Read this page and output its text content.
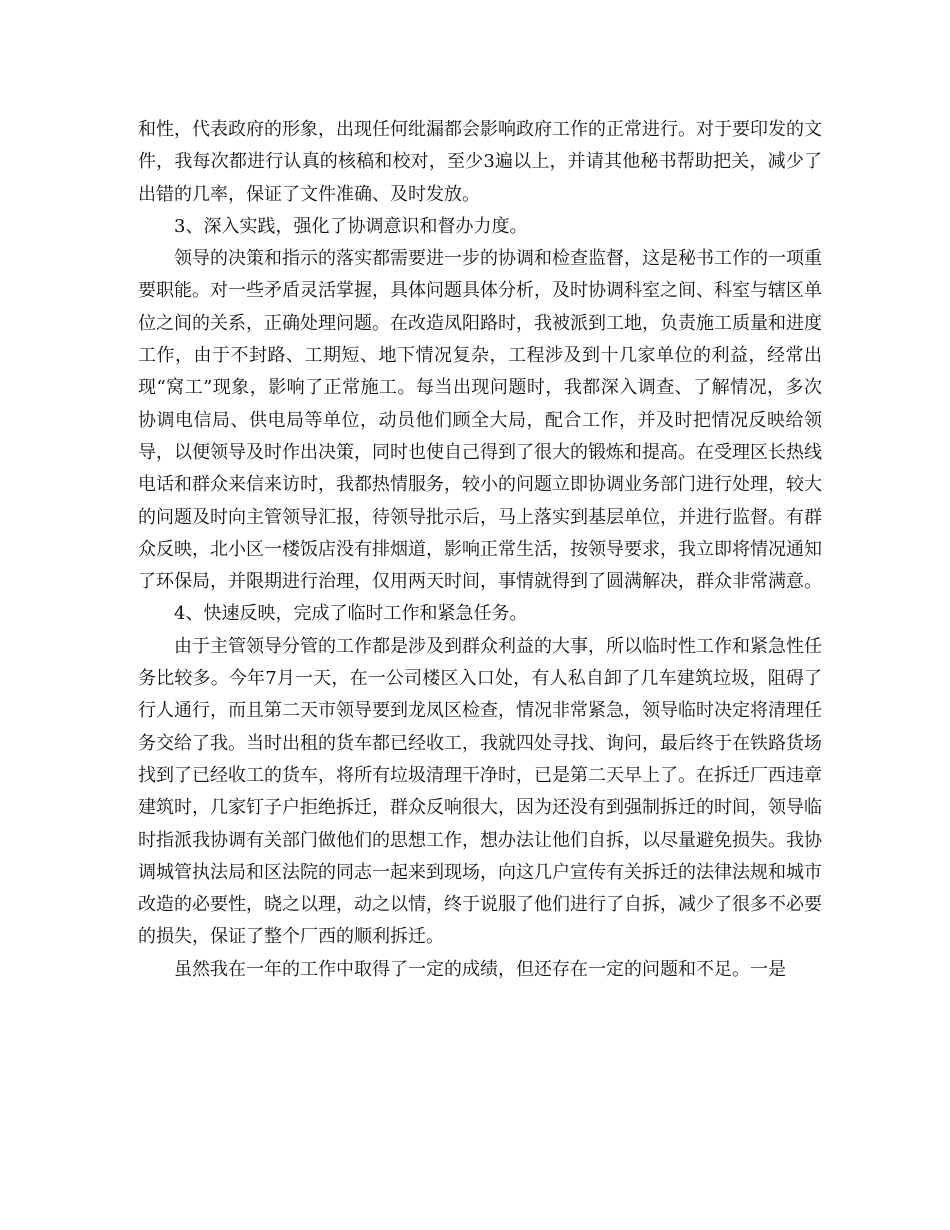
和性，代表政府的形象，出现任何纰漏都会影响政府工作的正常进行。对于要印发的文件，我每次都进行认真的核稿和校对，至少3遍以上，并请其他秘书帮助把关，减少了出错的几率，保证了文件准确、及时发放。

3、深入实践，强化了协调意识和督办力度。

领导的决策和指示的落实都需要进一步的协调和检查监督，这是秘书工作的一项重要职能。对一些矛盾灵活掌握，具体问题具体分析，及时协调科室之间、科室与辖区单位之间的关系，正确处理问题。在改造凤阳路时，我被派到工地，负责施工质量和进度工作，由于不封路、工期短、地下情况复杂，工程涉及到十几家单位的利益，经常出现“窝工”现象，影响了正常施工。每当出现问题时，我都深入调查、了解情况，多次协调电信局、供电局等单位，动员他们顾全大局，配合工作，并及时把情况反映给领导，以便领导及时作出决策，同时也使自己得到了很大的锻炼和提高。在受理区长热线电话和群众来信来访时，我都热情服务，较小的问题立即协调业务部门进行处理，较大的问题及时向主管领导汇报，待领导批示后，马上落实到基层单位，并进行监督。有群众反映，北小区一楼饭店没有排烟道，影响正常生活，按领导要求，我立即将情况通知了环保局，并限期进行治理，仅用两天时间，事情就得到了圆满解决，群众非常满意。

4、快速反映，完成了临时工作和紧急任务。

由于主管领导分管的工作都是涉及到群众利益的大事，所以临时性工作和紧急性任务比较多。今年7月一天，在一公司楼区入口处，有人私自卸了几车建筑垃圾，阻碍了行人通行，而且第二天市领导要到龙凤区检查，情况非常紧急，领导临时决定将清理任务交给了我。当时出租的货车都已经收工，我就四处寻找、询问，最后终于在铁路货场找到了已经收工的货车，将所有垃圾清理干净时，已是第二天早上了。在拆迁厂西违章建筑时，几家钉子户拒绝拆迁，群众反响很大，因为还没有到强制拆迁的时间，领导临时指派我协调有关部门做他们的思想工作，想办法让他们自拆，以尽量避免损失。我协调城管执法局和区法院的同志一起来到现场，向这几户宣传有关拆迁的法律法规和城市改造的必要性，晓之以理，动之以情，终于说服了他们进行了自拆，减少了很多不必要的损失，保证了整个厂西的顺利拆迁。

虽然我在一年的工作中取得了一定的成绩，但还存在一定的问题和不足。一是
